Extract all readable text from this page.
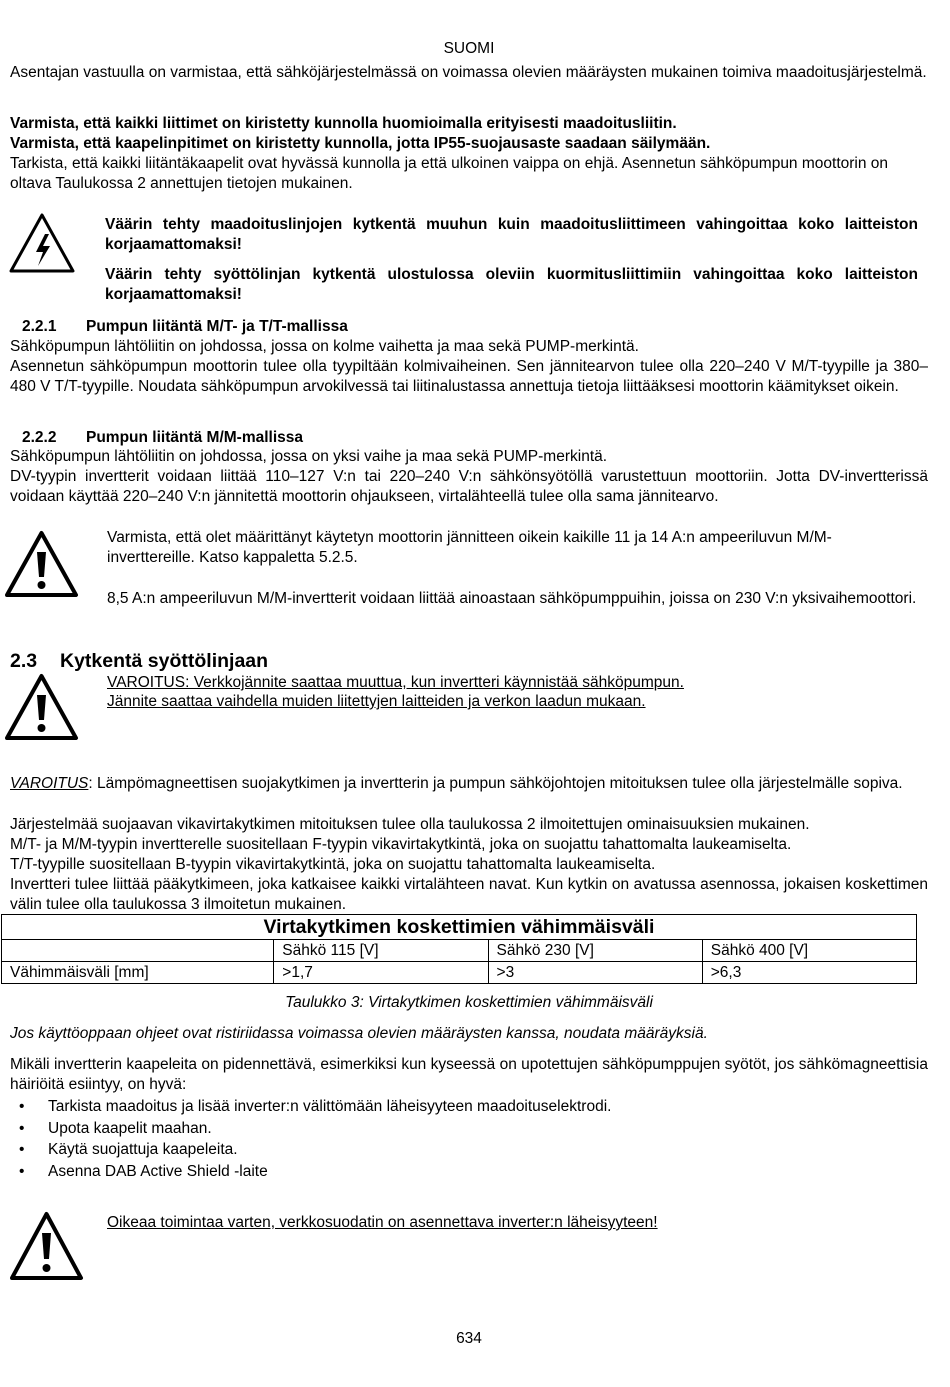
SUOMI

Asentajan vastuulla on varmistaa, että sähköjärjestelmässä on voimassa olevien määräysten mukainen toimiva maadoitusjärjestelmä.

Varmista, että kaikki liittimet on kiristetty kunnolla huomioimalla erityisesti maadoitusliitin.

Varmista, että kaapelinpitimet on kiristetty kunnolla, jotta IP55-suojausaste saadaan säilymään.

Tarkista, että kaikki liitäntäkaapelit ovat hyvässä kunnolla ja että ulkoinen vaippa on ehjä. Asennetun sähköpumpun moottorin on oltava Taulukossa 2 annettujen tietojen mukainen.

Väärin tehty maadoituslinjojen kytkentä muuhun kuin maadoitusliittimeen vahingoittaa koko laitteiston korjaamattomaksi!

Väärin tehty syöttölinjan kytkentä ulostulossa oleviin kuormitusliittimiin vahingoittaa koko laitteiston korjaamattomaksi!

2.2.1 Pumpun liitäntä M/T- ja T/T-mallissa

Sähköpumpun lähtöliitin on johdossa, jossa on kolme vaihetta ja maa sekä PUMP-merkintä.

Asennetun sähköpumpun moottorin tulee olla tyypiltään kolmivaiheinen. Sen jännitearvon tulee olla 220–240 V M/T-tyypille ja 380–480 V T/T-tyypille. Noudata sähköpumpun arvokilvessä tai liitinalustassa annettuja tietoja liittääksesi moottorin käämitykset oikein.

2.2.2 Pumpun liitäntä M/M-mallissa

Sähköpumpun lähtöliitin on johdossa, jossa on yksi vaihe ja maa sekä PUMP-merkintä.

DV-tyypin invertterit voidaan liittää 110–127 V:n tai 220–240 V:n sähkönsyötöllä varustettuun moottoriin. Jotta DV-invertterissä voidaan käyttää 220–240 V:n jännitettä moottorin ohjaukseen, virtalähteellä tulee olla sama jännitearvo.

Varmista, että olet määrittänyt käytetyn moottorin jännitteen oikein kaikille 11 ja 14 A:n ampeeriluvun M/M-inverttereille. Katso kappaletta 5.2.5.

8,5 A:n ampeeriluvun M/M-invertterit voidaan liittää ainoastaan sähköpumppuihin, joissa on 230 V:n yksivaihemoottori.

2.3 Kytkentä syöttölinjaan

VAROITUS: Verkkojännite saattaa muuttua, kun invertteri käynnistää sähköpumpun.

Jännite saattaa vaihdella muiden liitettyjen laitteiden ja verkon laadun mukaan.

VAROITUS: Lämpömagneettisen suojakytkimen ja invertterin ja pumpun sähköjohtojen mitoituksen tulee olla järjestelmälle sopiva.

Järjestelmää suojaavan vikavirtakytkimen mitoituksen tulee olla taulukossa 2 ilmoitettujen ominaisuuksien mukainen.

M/T- ja M/M-tyypin invertterelle suositellaan F-tyypin vikavirtakytkintä, joka on suojattu tahattomalta laukeamiselta.

T/T-tyypille suositellaan B-tyypin vikavirtakytkintä, joka on suojattu tahattomalta laukeamiselta.

Invertteri tulee liittää pääkytkimeen, joka katkaisee kaikki virtalähteen navat. Kun kytkin on avatussa asennossa, jokaisen koskettimen välin tulee olla taulukossa 3 ilmoitetun mukainen.

Virtakytkimen koskettimien vähimmäisväli			
	Sähkö 115 [V]	Sähkö 230 [V]	Sähkö 400 [V]
Vähimmäisväli [mm]	>1,7	>3	>6,3
Taulukko 3: Virtakytkimen koskettimien vähimmäisväli

Jos käyttöoppaan ohjeet ovat ristiriidassa voimassa olevien määräysten kanssa, noudata määräyksiä.

Mikäli invertterin kaapeleita on pidennettävä, esimerkiksi kun kyseessä on upotettujen sähköpumppujen syötöt, jos sähkömagneettisia häiriöitä esiintyy, on hyvä:

• Tarkista maadoitus ja lisää inverter:n välittömään läheisyyteen maadoituselektrodi.
• Upota kaapelit maahan.
• Käytä suojattuja kaapeleita.
• Asenna DAB Active Shield -laite

Oikeaa toimintaa varten, verkkosuodatin on asennettava inverter:n läheisyyteen!

634
